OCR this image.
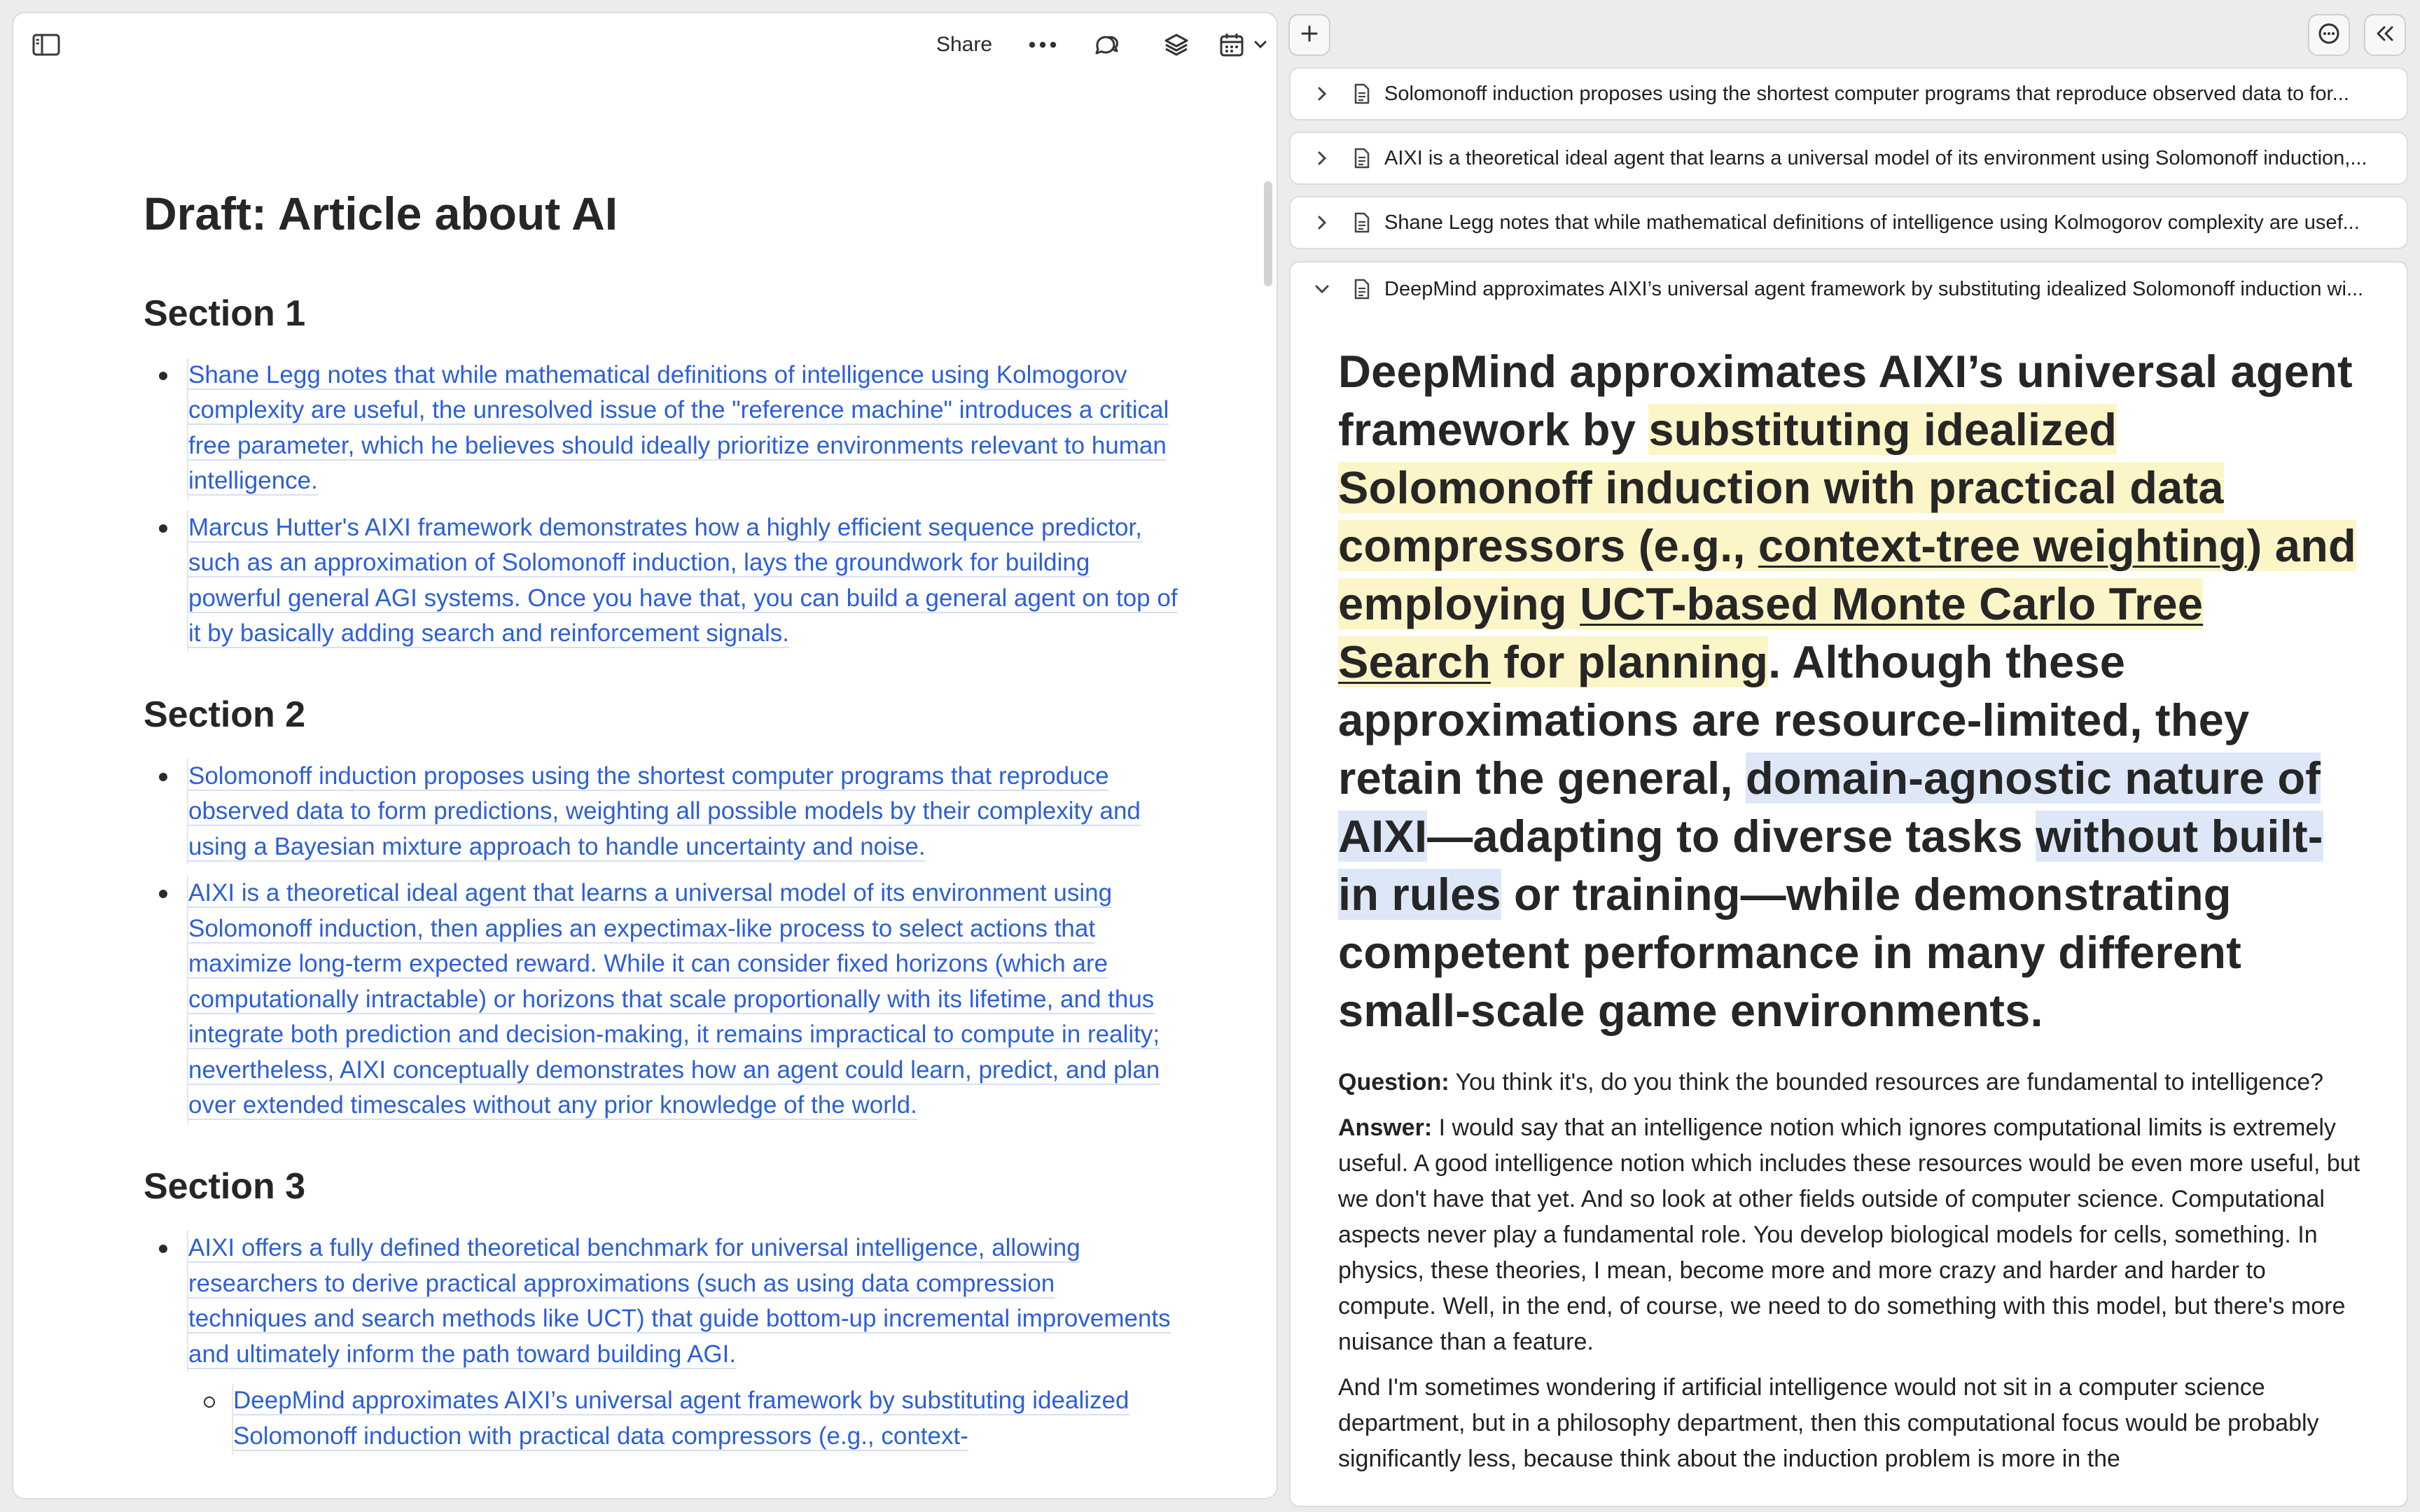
Share
Draft: Article about AI
Section 1
Shane Legg notes that while mathematical definitions of intelligence using Kolmogorov complexity are useful, the unresolved issue of the "reference machine" introduces a critical free parameter, which he believes should ideally prioritize environments relevant to human intelligence.
Marcus Hutter's AIXI framework demonstrates how a highly efficient sequence predictor, such as an approximation of Solomonoff induction, lays the groundwork for building powerful general AGI systems. Once you have that, you can build a general agent on top of it by basically adding search and reinforcement signals.
Section 2
Solomonoff induction proposes using the shortest computer programs that reproduce observed data to form predictions, weighting all possible models by their complexity and using a Bayesian mixture approach to handle uncertainty and noise.
AIXI is a theoretical ideal agent that learns a universal model of its environment using Solomonoff induction, then applies an expectimax-like process to select actions that maximize long-term expected reward. While it can consider fixed horizons (which are computationally intractable) or horizons that scale proportionally with its lifetime, and thus integrate both prediction and decision-making, it remains impractical to compute in reality; nevertheless, AIXI conceptually demonstrates how an agent could learn, predict, and plan over extended timescales without any prior knowledge of the world.
Section 3
AIXI offers a fully defined theoretical benchmark for universal intelligence, allowing researchers to derive practical approximations (such as using data compression techniques and search methods like UCT) that guide bottom-up incremental improvements and ultimately inform the path toward building AGI.
DeepMind approximates AIXI’s universal agent framework by substituting idealized Solomonoff induction with practical data compressors (e.g., context-
Solomonoff induction proposes using the shortest computer programs that reproduce observed data to for...
AIXI is a theoretical ideal agent that learns a universal model of its environment using Solomonoff induction,...
Shane Legg notes that while mathematical definitions of intelligence using Kolmogorov complexity are usef...
DeepMind approximates AIXI’s universal agent framework by substituting idealized Solomonoff induction wi...
DeepMind approximates AIXI’s universal agent framework by substituting idealized Solomonoff induction with practical data compressors (e.g., context-tree weighting) and employing UCT-based Monte Carlo Tree Search for planning. Although these approximations are resource-limited, they retain the general, domain-agnostic nature of AIXI—adapting to diverse tasks without built-in rules or training—while demonstrating competent performance in many different small-scale game environments.

Question: You think it's, do you think the bounded resources are fundamental to intelligence?

Answer: I would say that an intelligence notion which ignores computational limits is extremely useful. A good intelligence notion which includes these resources would be even more useful, but we don't have that yet. And so look at other fields outside of computer science. Computational aspects never play a fundamental role. You develop biological models for cells, something. In physics, these theories, I mean, become more and more crazy and harder and harder to compute. Well, in the end, of course, we need to do something with this model, but there's more nuisance than a feature.

And I'm sometimes wondering if artificial intelligence would not sit in a computer science department, but in a philosophy department, then this computational focus would be probably significantly less, because think about the induction problem is more in the
